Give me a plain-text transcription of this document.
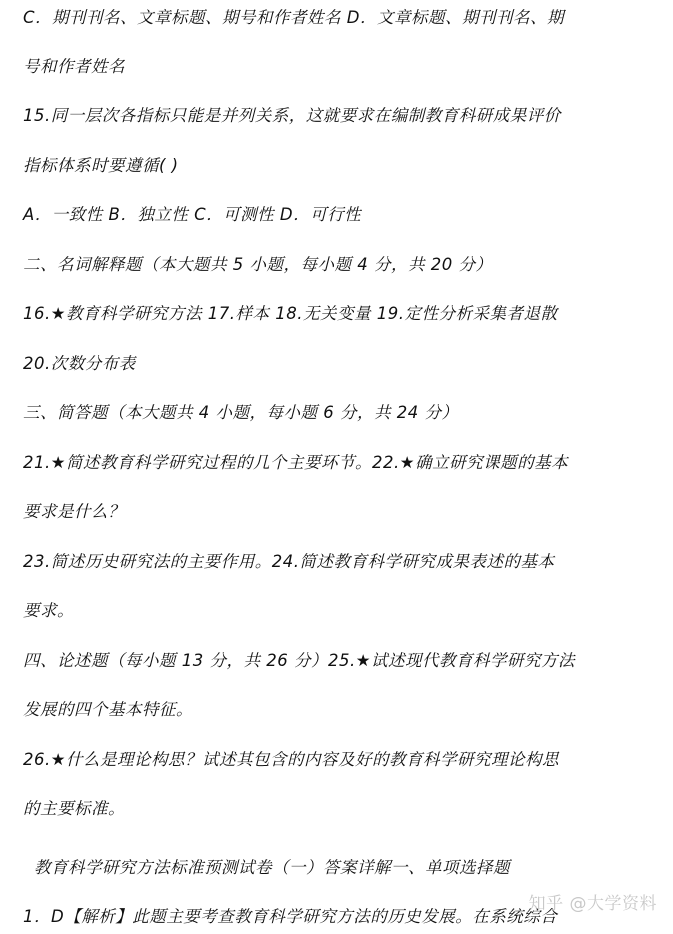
C．期刊刊名、文章标题、期号和作者姓名 D．文章标题、期刊刊名、期
号和作者姓名
15.同一层次各指标只能是并列关系，这就要求在编制教育科研成果评价
指标体系时要遵循( )
A．一致性 B．独立性 C．可测性 D．可行性
二、名词解释题（本大题共 5 小题，每小题 4 分，共 20 分）
16.★教育科学研究方法 17.样本 18.无关变量 19.定性分析采集者退散
20.次数分布表
三、简答题（本大题共 4 小题，每小题 6 分，共 24 分）
21.★简述教育科学研究过程的几个主要环节。22.★确立研究课题的基本
要求是什么？
23.简述历史研究法的主要作用。24.简述教育科学研究成果表述的基本
要求。
四、论述题（每小题 13 分，共 26 分）25.★试述现代教育科学研究方法
发展的四个基本特征。
26.★什么是理论构思？试述其包含的内容及好的教育科学研究理论构思
的主要标准。
教育科学研究方法标准预测试卷（一）答案详解一、单项选择题
1．D【解析】此题主要考查教育科学研究方法的历史发展。在系统综合
知乎 @大学资料
